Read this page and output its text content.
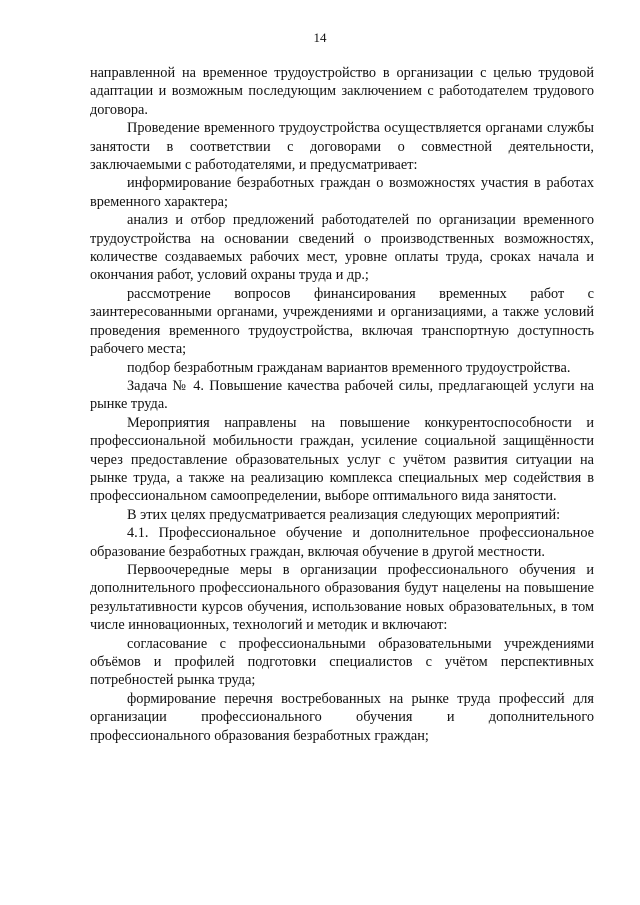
14

направленной на временное трудоустройство в организации с целью трудовой адаптации и возможным последующим заключением с работодателем трудового договора.

Проведение временного трудоустройства осуществляется органами службы занятости в соответствии с договорами о совместной деятельности, заключаемыми с работодателями, и предусматривает:

информирование безработных граждан о возможностях участия в работах временного характера;

анализ и отбор предложений работодателей по организации временного трудоустройства на основании сведений о производственных возможностях, количестве создаваемых рабочих мест, уровне оплаты труда, сроках начала и окончания работ, условий охраны труда и др.;

рассмотрение вопросов финансирования временных работ с заинтересованными органами, учреждениями и организациями, а также условий проведения временного трудоустройства, включая транспортную доступность рабочего места;

подбор безработным гражданам вариантов временного трудоустройства.

Задача № 4. Повышение качества рабочей силы, предлагающей услуги на рынке труда.

Мероприятия направлены на повышение конкурентоспособности и профессиональной мобильности граждан, усиление социальной защищённости через предоставление образовательных услуг с учётом развития ситуации на рынке труда, а также на реализацию комплекса специальных мер содействия в профессиональном самоопределении, выборе оптимального вида занятости.

В этих целях предусматривается реализация следующих мероприятий:

4.1. Профессиональное обучение и дополнительное профессиональное образование безработных граждан, включая обучение в другой местности.

Первоочередные меры в организации профессионального обучения и дополнительного профессионального образования будут нацелены на повышение результативности курсов обучения, использование новых образовательных, в том числе инновационных, технологий и методик и включают:

согласование с профессиональными образовательными учреждениями объёмов и профилей подготовки специалистов с учётом перспективных потребностей рынка труда;

формирование перечня востребованных на рынке труда профессий для организации профессионального обучения и дополнительного профессионального образования безработных граждан;
